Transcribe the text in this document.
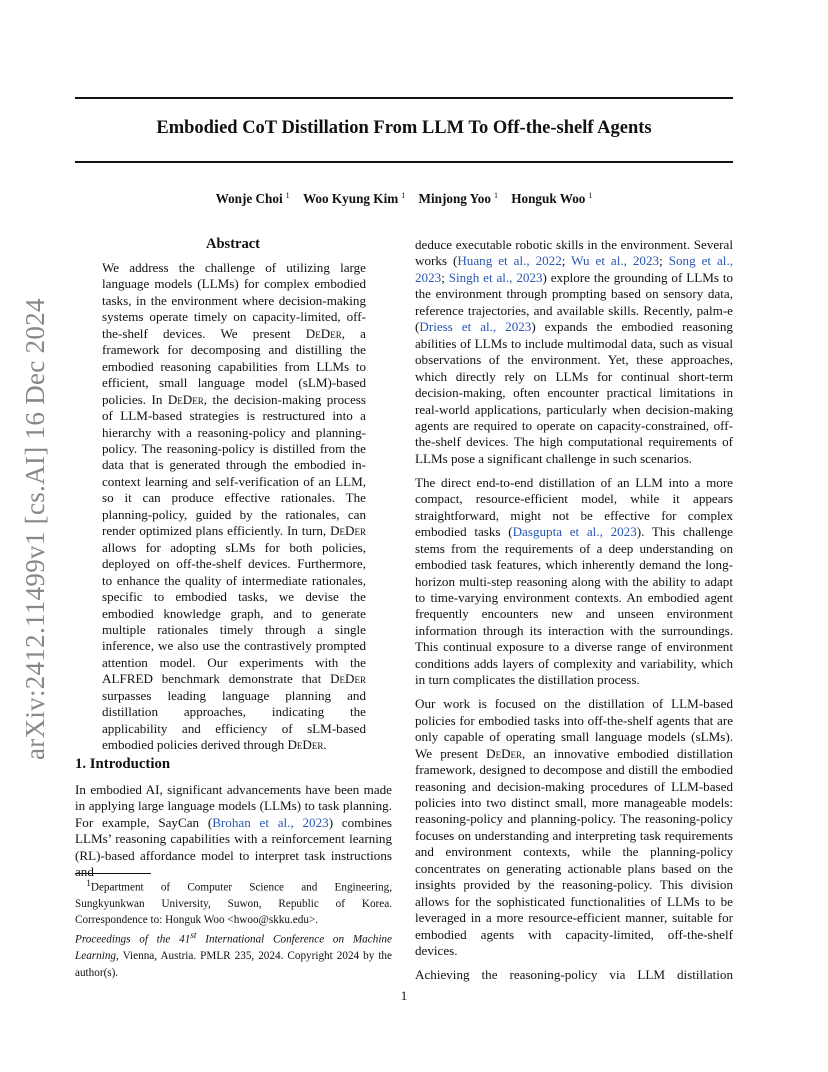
arXiv:2412.11499v1 [cs.AI] 16 Dec 2024
Embodied CoT Distillation From LLM To Off-the-shelf Agents
Wonje Choi $^1$ Woo Kyung Kim $^1$ Minjong Yoo $^1$ Honguk Woo $^1$
Abstract

We address the challenge of utilizing large language models (LLMs) for complex embodied tasks, in the environment where decision-making systems operate timely on capacity-limited, off-the-shelf devices. We present DeDer, a framework for decomposing and distilling the embodied reasoning capabilities from LLMs to efficient, small language model (sLM)-based policies. In DeDer, the decision-making process of LLM-based strategies is restructured into a hierarchy with a reasoning-policy and planning-policy. The reasoning-policy is distilled from the data that is generated through the embodied in-context learning and self-verification of an LLM, so it can produce effective rationales. The planning-policy, guided by the rationales, can render optimized plans efficiently. In turn, DeDer allows for adopting sLMs for both policies, deployed on off-the-shelf devices. Furthermore, to enhance the quality of intermediate rationales, specific to embodied tasks, we devise the embodied knowledge graph, and to generate multiple rationales timely through a single inference, we also use the contrastively prompted attention model. Our experiments with the ALFRED benchmark demonstrate that DeDer surpasses leading language planning and distillation approaches, indicating the applicability and efficiency of sLM-based embodied policies derived through DeDer.

1. Introduction

In embodied AI, significant advancements have been made in applying large language models (LLMs) to task planning. For example, SayCan (Brohan et al., 2023) combines LLMs’ reasoning capabilities with a reinforcement learning (RL)-based affordance model to interpret task instructions and

 $^1$Department of Computer Science and Engineering, Sungkyunkwan University, Suwon, Republic of Korea. Correspondence to: Honguk Woo <hwoo@skku.edu>.

Proceedings of the 41st International Conference on Machine Learning, Vienna, Austria. PMLR 235, 2024. Copyright 2024 by the author(s).

deduce executable robotic skills in the environment. Several works (Huang et al., 2022; Wu et al., 2023; Song et al., 2023; Singh et al., 2023) explore the grounding of LLMs to the environment through prompting based on sensory data, reference trajectories, and available skills. Recently, palm-e (Driess et al., 2023) expands the embodied reasoning abilities of LLMs to include multimodal data, such as visual observations of the environment. Yet, these approaches, which directly rely on LLMs for continual short-term decision-making, often encounter practical limitations in real-world applications, particularly when decision-making agents are required to operate on capacity-constrained, off-the-shelf devices. The high computational requirements of LLMs pose a significant challenge in such scenarios.

The direct end-to-end distillation of an LLM into a more compact, resource-efficient model, while it appears straightforward, might not be effective for complex embodied tasks (Dasgupta et al., 2023). This challenge stems from the requirements of a deep understanding on embodied task features, which inherently demand the long-horizon multi-step reasoning along with the ability to adapt to time-varying environment contexts. An embodied agent frequently encounters new and unseen environment information through its interaction with the surroundings. This continual exposure to a diverse range of environment conditions adds layers of complexity and variability, which in turn complicates the distillation process.

Our work is focused on the distillation of LLM-based policies for embodied tasks into off-the-shelf agents that are only capable of operating small language models (sLMs). We present DeDer, an innovative embodied distillation framework, designed to decompose and distill the embodied reasoning and decision-making procedures of LLM-based policies into two distinct small, more manageable models: reasoning-policy and planning-policy. The reasoning-policy focuses on understanding and interpreting task requirements and environment contexts, while the planning-policy concentrates on generating actionable plans based on the insights provided by the reasoning-policy. This division allows for the sophisticated functionalities of LLMs to be leveraged in a more resource-efficient manner, suitable for embodied agents with capacity-limited, off-the-shelf devices.

Achieving the reasoning-policy via LLM distillation

1
